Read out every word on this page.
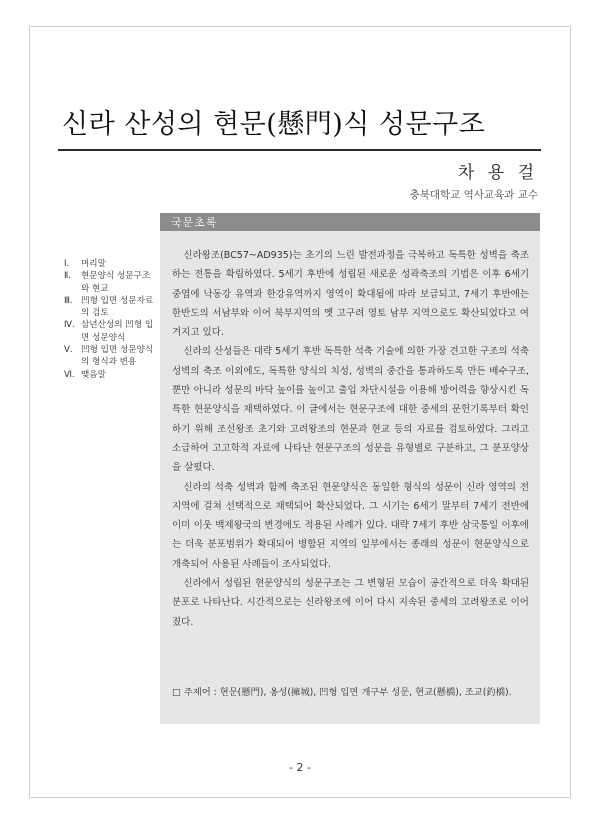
신라 산성의 현문(懸門)식 성문구조
차 용 걸
충북대학교 역사교육과 교수
Ⅰ.	머리말
Ⅱ.	현문양식 성문구조와 현교
Ⅲ. 凹형 입면 성문자료의 검토
Ⅳ. 삼년산성의 凹형 입면 성문양식
Ⅴ. 凹형 입면 성문양식의 형식과 변용
Ⅵ. 맺음말
국문초록

신라왕조(BC57~AD935)는 초기의 느린 발전과정을 극복하고 독특한 성벽을 축조하는 전통을 확립하였다. 5세기 후반에 성립된 새로운 성곽축조의 기법은 이후 6세기 중엽에 낙동강 유역과 한강유역까지 영역이 확대됨에 따라 보급되고, 7세기 후반에는 한반도의 서남부와 이어 북부지역의 옛 고구려 영토 남부 지역으로도 확산되었다고 여겨지고 있다.

신라의 산성들은 대략 5세기 후반 독특한 석축 기술에 의한 가장 견고한 구조의 석축 성벽의 축조 이외에도, 독특한 양식의 치성, 성벽의 중간을 통과하도록 만든 배수구조, 뿐만 아니라 성문의 바닥 높이를 높이고 출입 차단시설을 이용해 방어력을 향상시킨 독특한 현문양식을 채택하였다. 이 글에서는 현문구조에 대한 중세의 문헌기록부터 확인하기 위해 조선왕조 초기와 고려왕조의 현문과 현교 등의 자료를 검토하였다. 그리고 소급하여 고고학적 자료에 나타난 현문구조의 성문을 유형별로 구분하고, 그 분포양상을 살폈다.

신라의 석축 성벽과 함께 축조된 현문양식은 동일한 형식의 성문이 신라 영역의 전 지역에 걸쳐 선택적으로 채택되어 확산되었다. 그 시기는 6세기 말부터 7세기 전반에 이미 이웃 백제왕국의 변경에도 적용된 사례가 있다. 대략 7세기 후반 삼국통일 이후에는 더욱 분포범위가 확대되어 병합된 지역의 일부에서는 종래의 성문이 현문양식으로 개축되어 사용된 사례들이 조사되었다.

신라에서 성립된 현문양식의 성문구조는 그 변형된 모습이 공간적으로 더욱 확대된 분포로 나타난다. 시간적으로는 신라왕조에 이어 다시 지속된 중세의 고려왕조로 이어졌다.

□ 주제어 : 현문(懸門), 옹성(擁城), 凹형 입면 개구부 성문, 현교(懸橋), 조교(釣橋).
- 2 -
